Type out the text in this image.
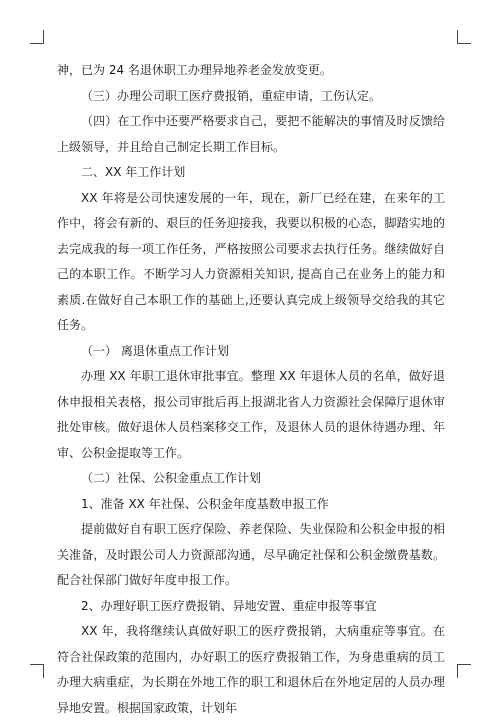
神，已为 24 名退休职工办理异地养老金发放变更。

（三）办理公司职工医疗费报销，重症申请，工伤认定。

（四）在工作中还要严格要求自己，要把不能解决的事情及时反馈给上级领导，并且给自己制定长期工作目标。

二、XX 年工作计划

XX 年将是公司快速发展的一年，现在，新厂已经在建，在来年的工作中，将会有新的、艰巨的任务迎接我，我要以积极的心态，脚踏实地的去完成我的每一项工作任务，严格按照公司要求去执行任务。继续做好自己的本职工作。不断学习人力资源相关知识, 提高自己在业务上的能力和素质.在做好自己本职工作的基础上,还要认真完成上级领导交给我的其它任务。

（一） 离退休重点工作计划

办理 XX 年职工退休审批事宜。整理 XX 年退休人员的名单，做好退休申报相关表格，报公司审批后再上报湖北省人力资源社会保障厅退休审批处审核。做好退休人员档案移交工作，及退休人员的退休待遇办理、年审、公积金提取等工作。

（二）社保、公积金重点工作计划

1、准备 XX 年社保、公积金年度基数申报工作

提前做好自有职工医疗保险、养老保险、失业保险和公积金申报的相关准备，及时跟公司人力资源部沟通，尽早确定社保和公积金缴费基数。配合社保部门做好年度申报工作。

2、办理好职工医疗费报销、异地安置、重症申报等事宜

XX 年，我将继续认真做好职工的医疗费报销，大病重症等事宜。在符合社保政策的范围内，办好职工的医疗费报销工作，为身患重病的员工办理大病重症，为长期在外地工作的职工和退休后在外地定居的人员办理异地安置。根据国家政策，计划年
